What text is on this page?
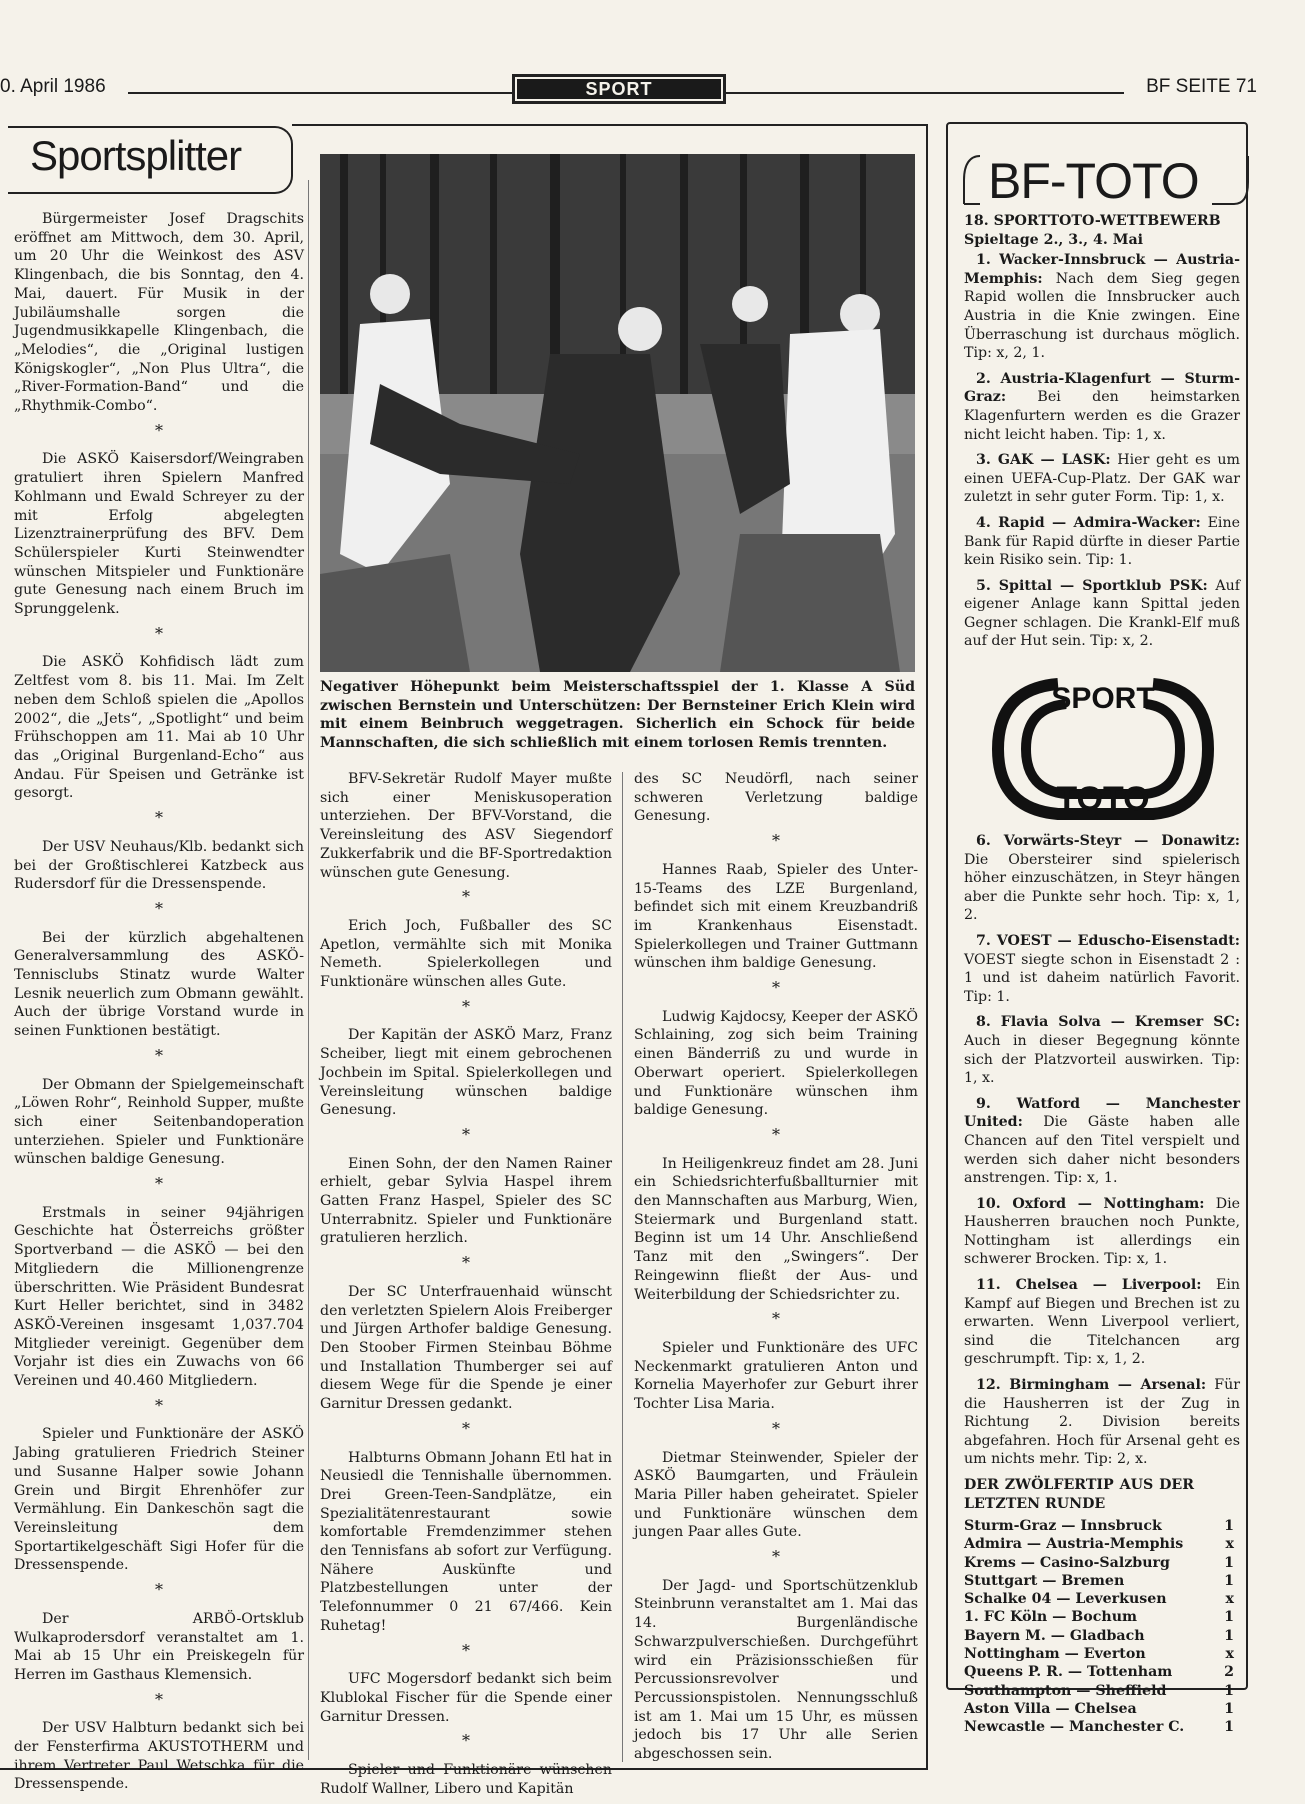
0. April 1986	SPORT	BF SEITE 71
Sportsplitter

Bürgermeister Josef Dragschits eröffnet am Mittwoch, dem 30. April, um 20 Uhr die Weinkost des ASV Klingenbach, die bis Sonntag, den 4. Mai, dauert. Für Musik in der Jubiläumshalle sorgen die Jugendmusikkapelle Klingenbach, die „Melodies“, die „Original lustigen Königskogler“, „Non Plus Ultra“, die „River-Formation-Band“ und die „Rhythmik-Combo“.

*

Die ASKÖ Kaisersdorf/Weingraben gratuliert ihren Spielern Manfred Kohlmann und Ewald Schreyer zu der mit Erfolg abgelegten Lizenztrainerprüfung des BFV. Dem Schülerspieler Kurti Steinwendter wünschen Mitspieler und Funktionäre gute Genesung nach einem Bruch im Sprunggelenk.

*

Die ASKÖ Kohfidisch lädt zum Zeltfest vom 8. bis 11. Mai. Im Zelt neben dem Schloß spielen die „Apollos 2002“, die „Jets“, „Spotlight“ und beim Frühschoppen am 11. Mai ab 10 Uhr das „Original Burgenland-Echo“ aus Andau. Für Speisen und Getränke ist gesorgt.

*

Der USV Neuhaus/Klb. bedankt sich bei der Großtischlerei Katzbeck aus Rudersdorf für die Dressenspende.

*

Bei der kürzlich abgehaltenen Generalversammlung des ASKÖ-Tennisclubs Stinatz wurde Walter Lesnik neuerlich zum Obmann gewählt. Auch der übrige Vorstand wurde in seinen Funktionen bestätigt.

*

Der Obmann der Spielgemeinschaft „Löwen Rohr“, Reinhold Supper, mußte sich einer Seitenbandoperation unterziehen. Spieler und Funktionäre wünschen baldige Genesung.

*

Erstmals in seiner 94jährigen Geschichte hat Österreichs größter Sportverband — die ASKÖ — bei den Mitgliedern die Millionengrenze überschritten. Wie Präsident Bundesrat Kurt Heller berichtet, sind in 3482 ASKÖ-Vereinen insgesamt 1,037.704 Mitglieder vereinigt. Gegenüber dem Vorjahr ist dies ein Zuwachs von 66 Vereinen und 40.460 Mitgliedern.

*

Spieler und Funktionäre der ASKÖ Jabing gratulieren Friedrich Steiner und Susanne Halper sowie Johann Grein und Birgit Ehrenhöfer zur Vermählung. Ein Dankeschön sagt die Vereinsleitung dem Sportartikelgeschäft Sigi Hofer für die Dressenspende.

*

Der ARBÖ-Ortsklub Wulkaprodersdorf veranstaltet am 1. Mai ab 15 Uhr ein Preiskegeln für Herren im Gasthaus Klemensich.

*

Der USV Halbturn bedankt sich bei der Fensterfirma AKUSTOTHERM und ihrem Vertreter Paul Wetschka für die Dressenspende.

Negativer Höhepunkt beim Meisterschaftsspiel der 1. Klasse A Süd zwischen Bernstein und Unterschützen: Der Bernsteiner Erich Klein wird mit einem Beinbruch weggetragen. Sicherlich ein Schock für beide Mannschaften, die sich schließlich mit einem torlosen Remis trennten.

BFV-Sekretär Rudolf Mayer mußte sich einer Meniskusoperation unterziehen. Der BFV-Vorstand, die Vereinsleitung des ASV Siegendorf Zukkerfabrik und die BF-Sportredaktion wünschen gute Genesung.

*

Erich Joch, Fußballer des SC Apetlon, vermählte sich mit Monika Nemeth. Spielerkollegen und Funktionäre wünschen alles Gute.

*

Der Kapitän der ASKÖ Marz, Franz Scheiber, liegt mit einem gebrochenen Jochbein im Spital. Spielerkollegen und Vereinsleitung wünschen baldige Genesung.

*

Einen Sohn, der den Namen Rainer erhielt, gebar Sylvia Haspel ihrem Gatten Franz Haspel, Spieler des SC Unterrabnitz. Spieler und Funktionäre gratulieren herzlich.

*

Der SC Unterfrauenhaid wünscht den verletzten Spielern Alois Freiberger und Jürgen Arthofer baldige Genesung. Den Stoober Firmen Steinbau Böhme und Installation Thumberger sei auf diesem Wege für die Spende je einer Garnitur Dressen gedankt.

*

Halbturns Obmann Johann Etl hat in Neusiedl die Tennishalle übernommen. Drei Green-Teen-Sandplätze, ein Spezialitätenrestaurant sowie komfortable Fremdenzimmer stehen den Tennisfans ab sofort zur Verfügung. Nähere Auskünfte und Platzbestellungen unter der Telefonnummer 0 21 67/466. Kein Ruhetag!

*

UFC Mogersdorf bedankt sich beim Klublokal Fischer für die Spende einer Garnitur Dressen.

*

Spieler und Funktionäre wünschen Rudolf Wallner, Libero und Kapitän

des SC Neudörfl, nach seiner schweren Verletzung baldige Genesung.

*

Hannes Raab, Spieler des Unter-15-Teams des LZE Burgenland, befindet sich mit einem Kreuzbandriß im Krankenhaus Eisenstadt. Spielerkollegen und Trainer Guttmann wünschen ihm baldige Genesung.

*

Ludwig Kajdocsy, Keeper der ASKÖ Schlaining, zog sich beim Training einen Bänderriß zu und wurde in Oberwart operiert. Spielerkollegen und Funktionäre wünschen ihm baldige Genesung.

*

In Heiligenkreuz findet am 28. Juni ein Schiedsrichterfußballturnier mit den Mannschaften aus Marburg, Wien, Steiermark und Burgenland statt. Beginn ist um 14 Uhr. Anschließend Tanz mit den „Swingers“. Der Reingewinn fließt der Aus- und Weiterbildung der Schiedsrichter zu.

*

Spieler und Funktionäre des UFC Neckenmarkt gratulieren Anton und Kornelia Mayerhofer zur Geburt ihrer Tochter Lisa Maria.

*

Dietmar Steinwender, Spieler der ASKÖ Baumgarten, und Fräulein Maria Piller haben geheiratet. Spieler und Funktionäre wünschen dem jungen Paar alles Gute.

*

Der Jagd- und Sportschützenklub Steinbrunn veranstaltet am 1. Mai das 14. Burgenländische Schwarzpulverschießen. Durchgeführt wird ein Präzisionsschießen für Percussionsrevolver und Percussionspistolen. Nennungsschluß ist am 1. Mai um 15 Uhr, es müssen jedoch bis 17 Uhr alle Serien abgeschossen sein.

BF-TOTO
18. SPORTTOTO-WETTBEWERB
Spieltage 2., 3., 4. Mai

1. Wacker-Innsbruck — Austria-Memphis: Nach dem Sieg gegen Rapid wollen die Innsbrucker auch Austria in die Knie zwingen. Eine Überraschung ist durchaus möglich. Tip: x, 2, 1.

2. Austria-Klagenfurt — Sturm-Graz: Bei den heimstarken Klagenfurtern werden es die Grazer nicht leicht haben. Tip: 1, x.

3. GAK — LASK: Hier geht es um einen UEFA-Cup-Platz. Der GAK war zuletzt in sehr guter Form. Tip: 1, x.

4. Rapid — Admira-Wacker: Eine Bank für Rapid dürfte in dieser Partie kein Risiko sein. Tip: 1.

5. Spittal — Sportklub PSK: Auf eigener Anlage kann Spittal jeden Gegner schlagen. Die Krankl-Elf muß auf der Hut sein. Tip: x, 2.

SPORT
TOTO

6. Vorwärts-Steyr — Donawitz: Die Obersteirer sind spielerisch höher einzuschätzen, in Steyr hängen aber die Punkte sehr hoch. Tip: x, 1, 2.

7. VOEST — Eduscho-Eisenstadt: VOEST siegte schon in Eisenstadt 2 : 1 und ist daheim natürlich Favorit. Tip: 1.

8. Flavia Solva — Kremser SC: Auch in dieser Begegnung könnte sich der Platzvorteil auswirken. Tip: 1, x.

9. Watford — Manchester United: Die Gäste haben alle Chancen auf den Titel verspielt und werden sich daher nicht besonders anstrengen. Tip: x, 1.

10. Oxford — Nottingham: Die Hausherren brauchen noch Punkte, Nottingham ist allerdings ein schwerer Brocken. Tip: x, 1.

11. Chelsea — Liverpool: Ein Kampf auf Biegen und Brechen ist zu erwarten. Wenn Liverpool verliert, sind die Titelchancen arg geschrumpft. Tip: x, 1, 2.

12. Birmingham — Arsenal: Für die Hausherren ist der Zug in Richtung 2. Division bereits abgefahren. Hoch für Arsenal geht es um nichts mehr. Tip: 2, x.

DER ZWÖLFERTIP AUS DER LETZTEN RUNDE
Sturm-Graz — Innsbruck	1
Admira — Austria-Memphis	x
Krems — Casino-Salzburg	1
Stuttgart — Bremen	1
Schalke 04 — Leverkusen	x
1. FC Köln — Bochum	1
Bayern M. — Gladbach	1
Nottingham — Everton	x
Queens P. R. — Tottenham	2
Southampton — Sheffield	1
Aston Villa — Chelsea	1
Newcastle — Manchester C.	1
